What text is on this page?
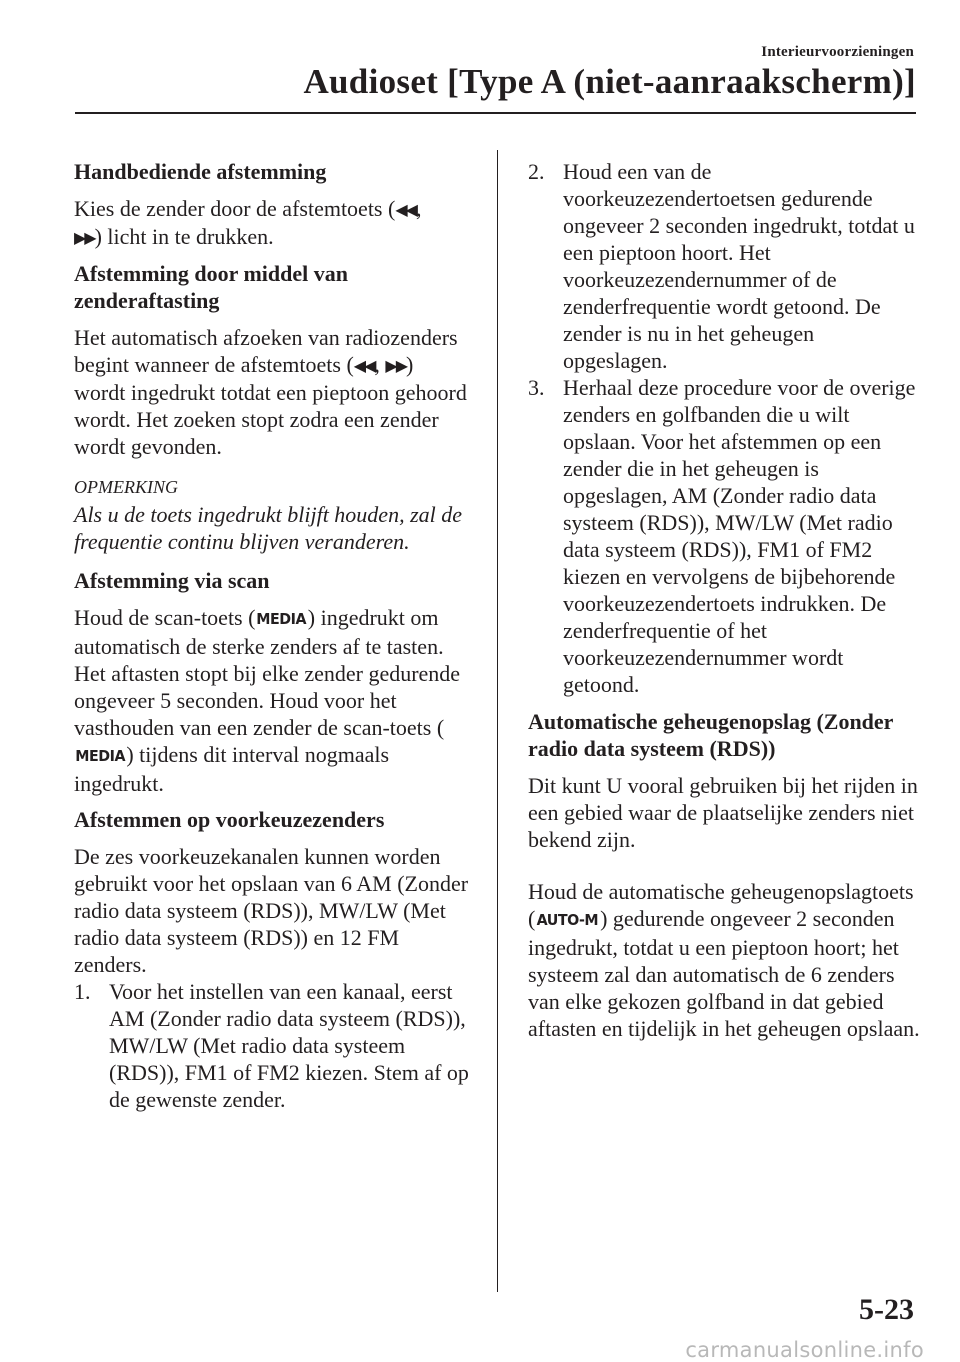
Interieurvoorzieningen
Audioset [Type A (niet-aanraakscherm)]
Handbediende afstemming

Kies de zender door de afstemtoets (◀◀,
▶▶) licht in te drukken.

Afstemming door middel van zenderaftasting

Het automatisch afzoeken van radiozenders begint wanneer de afstemtoets (◀◀, ▶▶) wordt ingedrukt totdat een pieptoon gehoord wordt. Het zoeken stopt zodra een zender wordt gevonden.

OPMERKING
Als u de toets ingedrukt blijft houden, zal de frequentie continu blijven veranderen.
Afstemming via scan

Houd de scan-toets (MEDIA) ingedrukt om automatisch de sterke zenders af te tasten. Het aftasten stopt bij elke zender gedurende ongeveer 5 seconden. Houd voor het vasthouden van een zender de scan-toets (MEDIA) tijdens dit interval nogmaals ingedrukt.

Afstemmen op voorkeuzezenders

De zes voorkeuzekanalen kunnen worden gebruikt voor het opslaan van 6 AM (Zonder radio data systeem (RDS)), MW/LW (Met radio data systeem (RDS)) en 12 FM zenders.

1. Voor het instellen van een kanaal, eerst AM (Zonder radio data systeem (RDS)), MW/LW (Met radio data systeem (RDS)), FM1 of FM2 kiezen. Stem af op de gewenste zender.
2. Houd een van de voorkeuzezendertoetsen gedurende ongeveer 2 seconden ingedrukt, totdat u een pieptoon hoort. Het voorkeuzezendernummer of de zenderfrequentie wordt getoond. De zender is nu in het geheugen opgeslagen.
3. Herhaal deze procedure voor de overige zenders en golfbanden die u wilt opslaan. Voor het afstemmen op een zender die in het geheugen is opgeslagen, AM (Zonder radio data systeem (RDS)), MW/LW (Met radio data systeem (RDS)), FM1 of FM2 kiezen en vervolgens de bijbehorende voorkeuzezendertoets indrukken. De zenderfrequentie of het voorkeuzezendernummer wordt getoond.
Automatische geheugenopslag (Zonder radio data systeem (RDS))

Dit kunt U vooral gebruiken bij het rijden in een gebied waar de plaatselijke zenders niet bekend zijn.

Houd de automatische geheugenopslagtoets ( AUTO-M) gedurende ongeveer 2 seconden ingedrukt, totdat u een pieptoon hoort; het systeem zal dan automatisch de 6 zenders van elke gekozen golfband in dat gebied aftasten en tijdelijk in het geheugen opslaan.

5-23
carmanualsonline.info
